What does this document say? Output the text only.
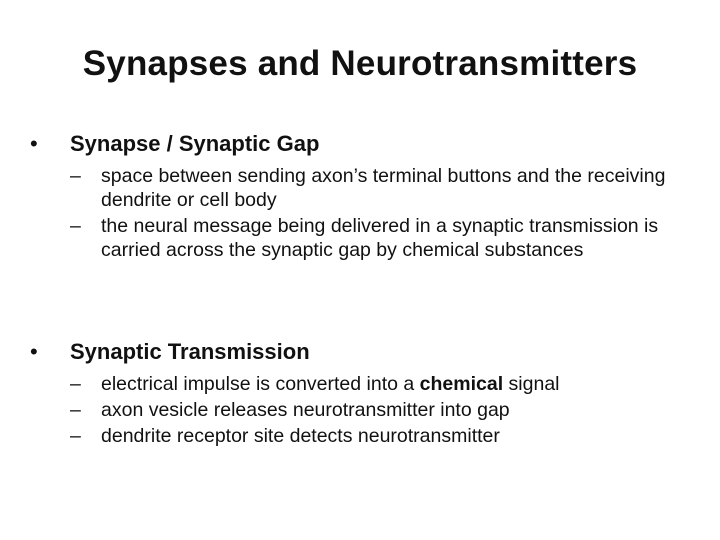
Synapses and Neurotransmitters
• Synapse / Synaptic Gap
– space between sending axon’s terminal buttons and the receiving dendrite or cell body
– the neural message being delivered in a synaptic transmission is carried across the synaptic gap by chemical substances
• Synaptic Transmission
– electrical impulse is converted into a chemical signal
– axon vesicle releases neurotransmitter into gap
– dendrite receptor site detects neurotransmitter
